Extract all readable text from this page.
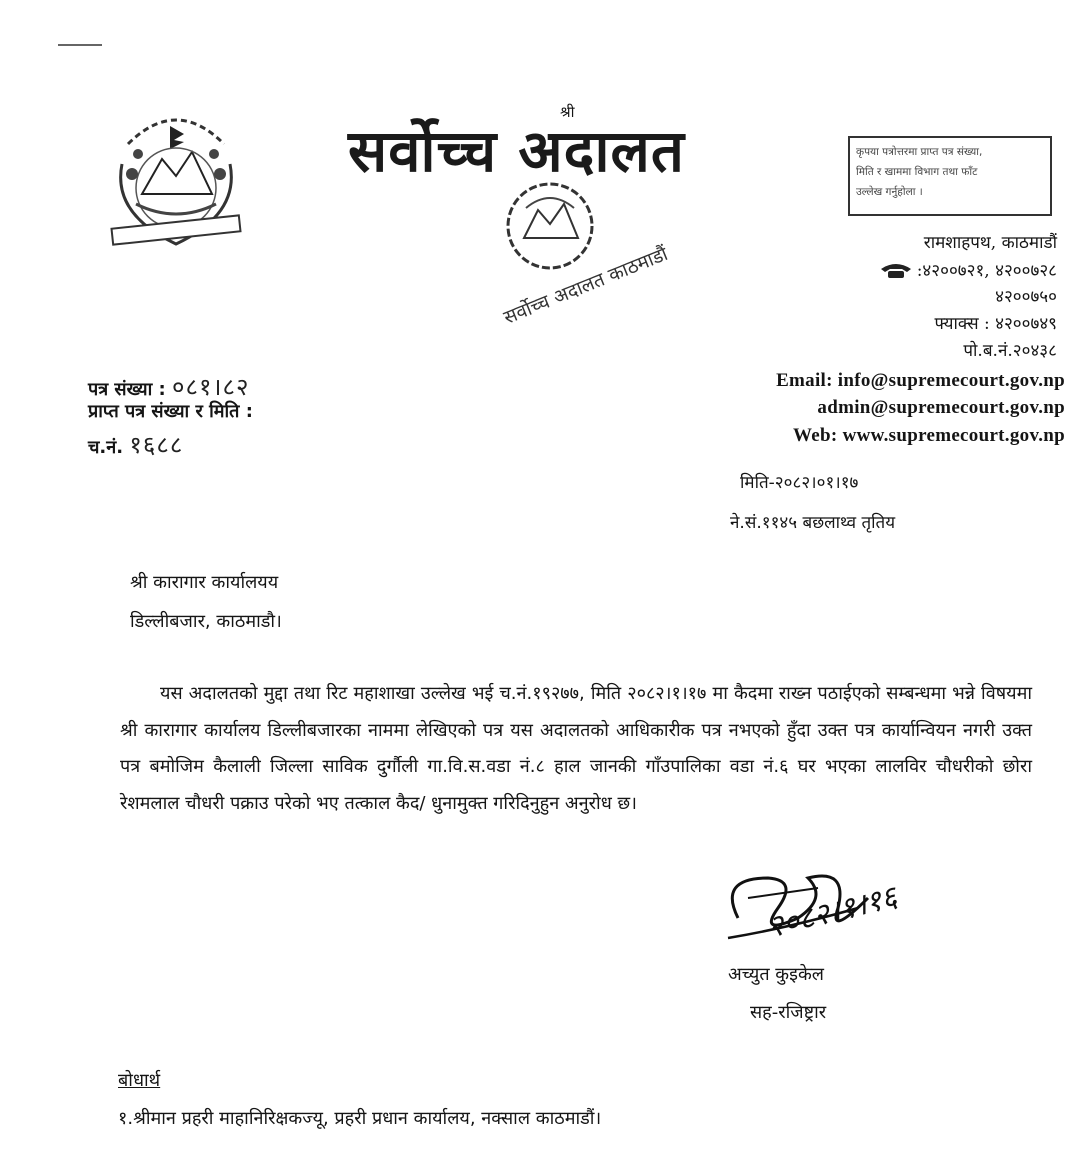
श्री
सर्वोच्च अदालत
सर्वोच्च अदालत काठमाडौं
कृपया पत्रोत्तरमा प्राप्त पत्र संख्या,
मिति र खाममा विभाग तथा फाँट
उल्लेख गर्नुहोला ।
रामशाहपथ, काठमाडौं
:४२००७२१, ४२००७२८
४२००७५०
फ्याक्स : ४२००७४९
पो.ब.नं.२०४३८
Email: info@supremecourt.gov.np
admin@supremecourt.gov.np
Web: www.supremecourt.gov.np
मिति-२०८२।०१।१७
ने.सं.११४५ बछलाथ्व तृतिय
पत्र संख्या : ०८१।८२
प्राप्त पत्र संख्या र मिति :
च.नं. १६८८
श्री कारागार कार्यालयय
डिल्लीबजार, काठमाडौ।
यस अदालतको मुद्दा तथा रिट महाशाखा उल्लेख भई च.नं.१९२७७, मिति २०८२।१।१७ मा कैदमा राख्न पठाईएको सम्बन्धमा भन्ने विषयमा श्री कारागार कार्यालय डिल्लीबजारका नाममा लेखिएको पत्र यस अदालतको आधिकारीक पत्र नभएको हुँदा उक्त पत्र कार्यान्वियन नगरी उक्त पत्र बमोजिम कैलाली जिल्ला साविक दुर्गौली गा.वि.स.वडा नं.८ हाल जानकी गाँउपालिका वडा नं.६ घर भएका लालविर चौधरीको छोरा रेशमलाल चौधरी पक्राउ परेको भए तत्काल कैद/ धुनामुक्त गरिदिनुहुन अनुरोध छ।
२०८२।१।१६
अच्युत कुइकेल
सह-रजिष्ट्रार
बोधार्थ
१.श्रीमान प्रहरी माहानिरिक्षकज्यू, प्रहरी प्रधान कार्यालय, नक्साल काठमाडौं।
